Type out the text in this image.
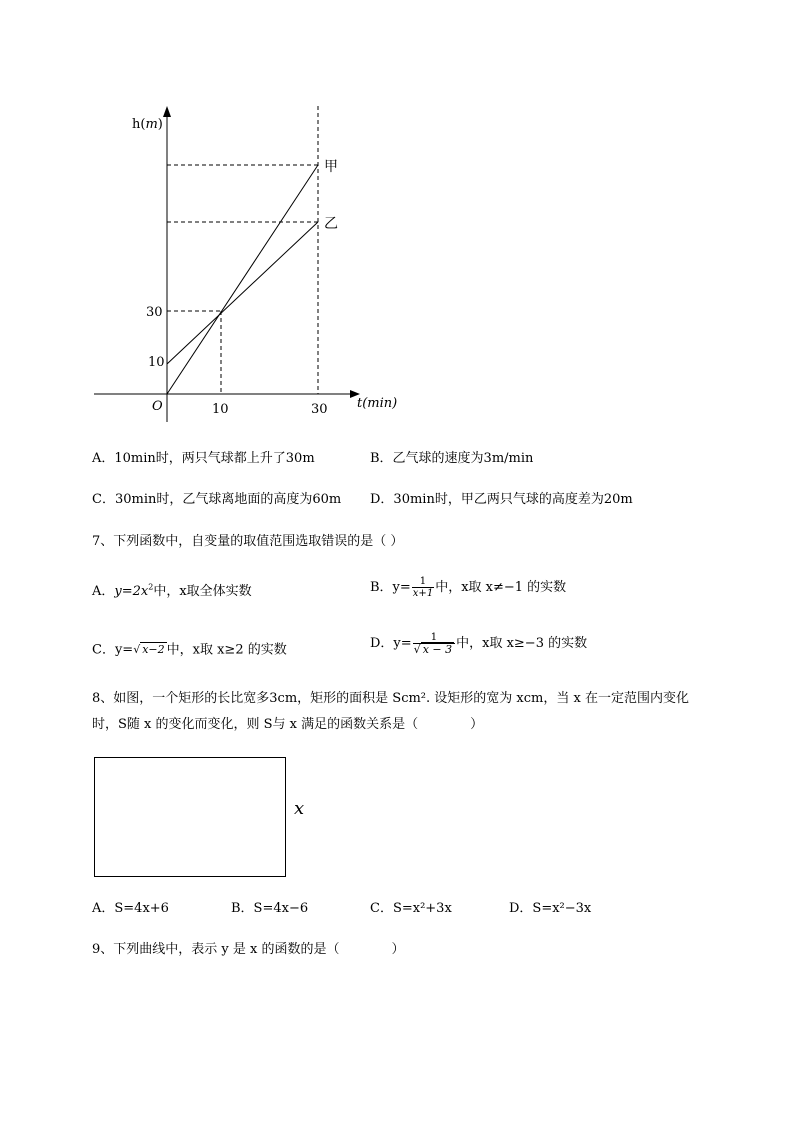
h(m)
30
10
O	10	30 t(min)
甲
乙
A．10min时，两只气球都上升了30m	B．乙气球的速度为3m/min
C．30min时，乙气球离地面的高度为60m D．30min时，甲乙两只气球的高度差为20m
7、下列函数中，自变量的取值范围选取错误的是（ ）
A．$y=2x^2$中，x取全体实数	B．$y= \frac{1}{x+1}$ 中，x取 x≠−1 的实数
C．y=√ x−2 中，x取 x≥2 的实数	D．$y= \frac{1}{√ x - 3}$ 中，x取 x≥−3 的实数
8、如图，一个矩形的长比宽多3cm，矩形的面积是 Scm². 设矩形的宽为 xcm，当 x 在一定范围内变化
时，S随 x 的变化而变化，则 S与 x 满足的函数关系是（　　　　）
x
A．S=4x+6	B．S=4x−6	C．S=x²+3x	D．S=x²−3x
9、下列曲线中，表示 y 是 x 的函数的是（　　　　）
